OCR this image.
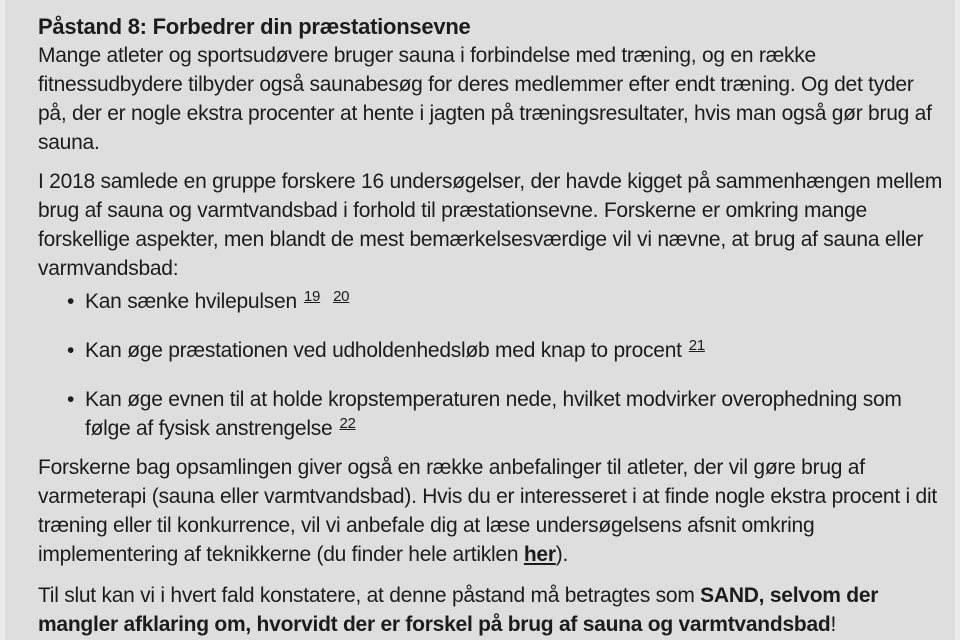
Påstand 8: Forbedrer din præstationsevne

Mange atleter og sportsudøvere bruger sauna i forbindelse med træning, og en række fitnessudbydere tilbyder også saunabesøg for deres medlemmer efter endt træning. Og det tyder på, der er nogle ekstra procenter at hente i jagten på træningsresultater, hvis man også gør brug af sauna.

I 2018 samlede en gruppe forskere 16 undersøgelser, der havde kigget på sammenhængen mellem brug af sauna og varmtvandsbad i forhold til præstationsevne. Forskerne er omkring mange forskellige aspekter, men blandt de mest bemærkelsesværdige vil vi nævne, at brug af sauna eller varmvandsbad:

• Kan sænke hvilepulsen $^{19}$ $^{20}$
• Kan øge præstationen ved udholdenhedsløb med knap to procent $^{21}$
• Kan øge evnen til at holde kropstemperaturen nede, hvilket modvirker overophedning som følge af fysisk anstrengelse $^{22}$

Forskerne bag opsamlingen giver også en række anbefalinger til atleter, der vil gøre brug af varmeterapi (sauna eller varmtvandsbad). Hvis du er interesseret i at finde nogle ekstra procent i dit træning eller til konkurrence, vil vi anbefale dig at læse undersøgelsens afsnit omkring implementering af teknikkerne (du finder hele artiklen her).

Til slut kan vi i hvert fald konstatere, at denne påstand må betragtes som SAND, selvom der mangler afklaring om, hvorvidt der er forskel på brug af sauna og varmtvandsbad!
